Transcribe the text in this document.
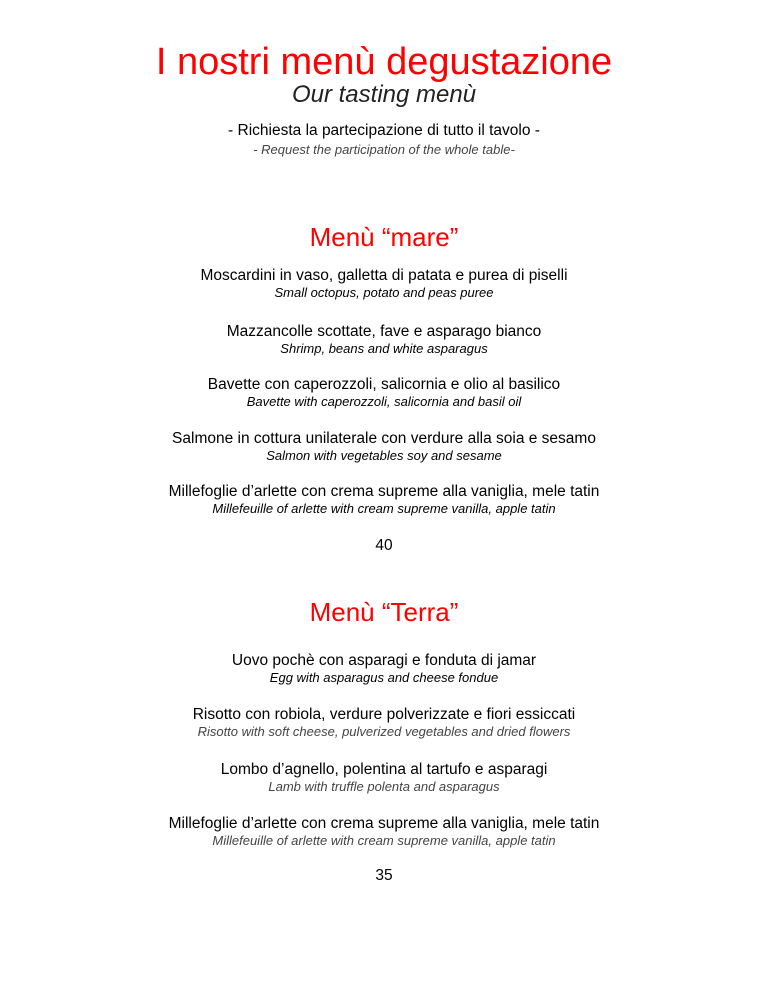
I nostri menù degustazione
Our tasting menù
- Richiesta la partecipazione di tutto il tavolo -
- Request the participation of the whole table-

Menù “mare”

Moscardini in vaso, galletta di patata e purea di piselli

Small octopus, potato and peas puree

Mazzancolle scottate, fave e asparago bianco

Shrimp, beans and white asparagus

Bavette con caperozzoli, salicornia e olio al basilico

Bavette with caperozzoli, salicornia and basil oil

Salmone in cottura unilaterale con verdure alla soia e sesamo

Salmon with vegetables soy and sesame

Millefoglie d’arlette con crema supreme alla vaniglia, mele tatin

Millefeuille of arlette with cream supreme vanilla, apple tatin

40

Menù “Terra”

Uovo pochè con asparagi e fonduta di jamar

Egg with asparagus and cheese fondue

Risotto con robiola, verdure polverizzate e fiori essiccati

Risotto with soft cheese, pulverized vegetables and dried flowers

Lombo d’agnello, polentina al tartufo e asparagi

Lamb with truffle polenta and asparagus

Millefoglie d’arlette con crema supreme alla vaniglia, mele tatin

Millefeuille of arlette with cream supreme vanilla, apple tatin

35
